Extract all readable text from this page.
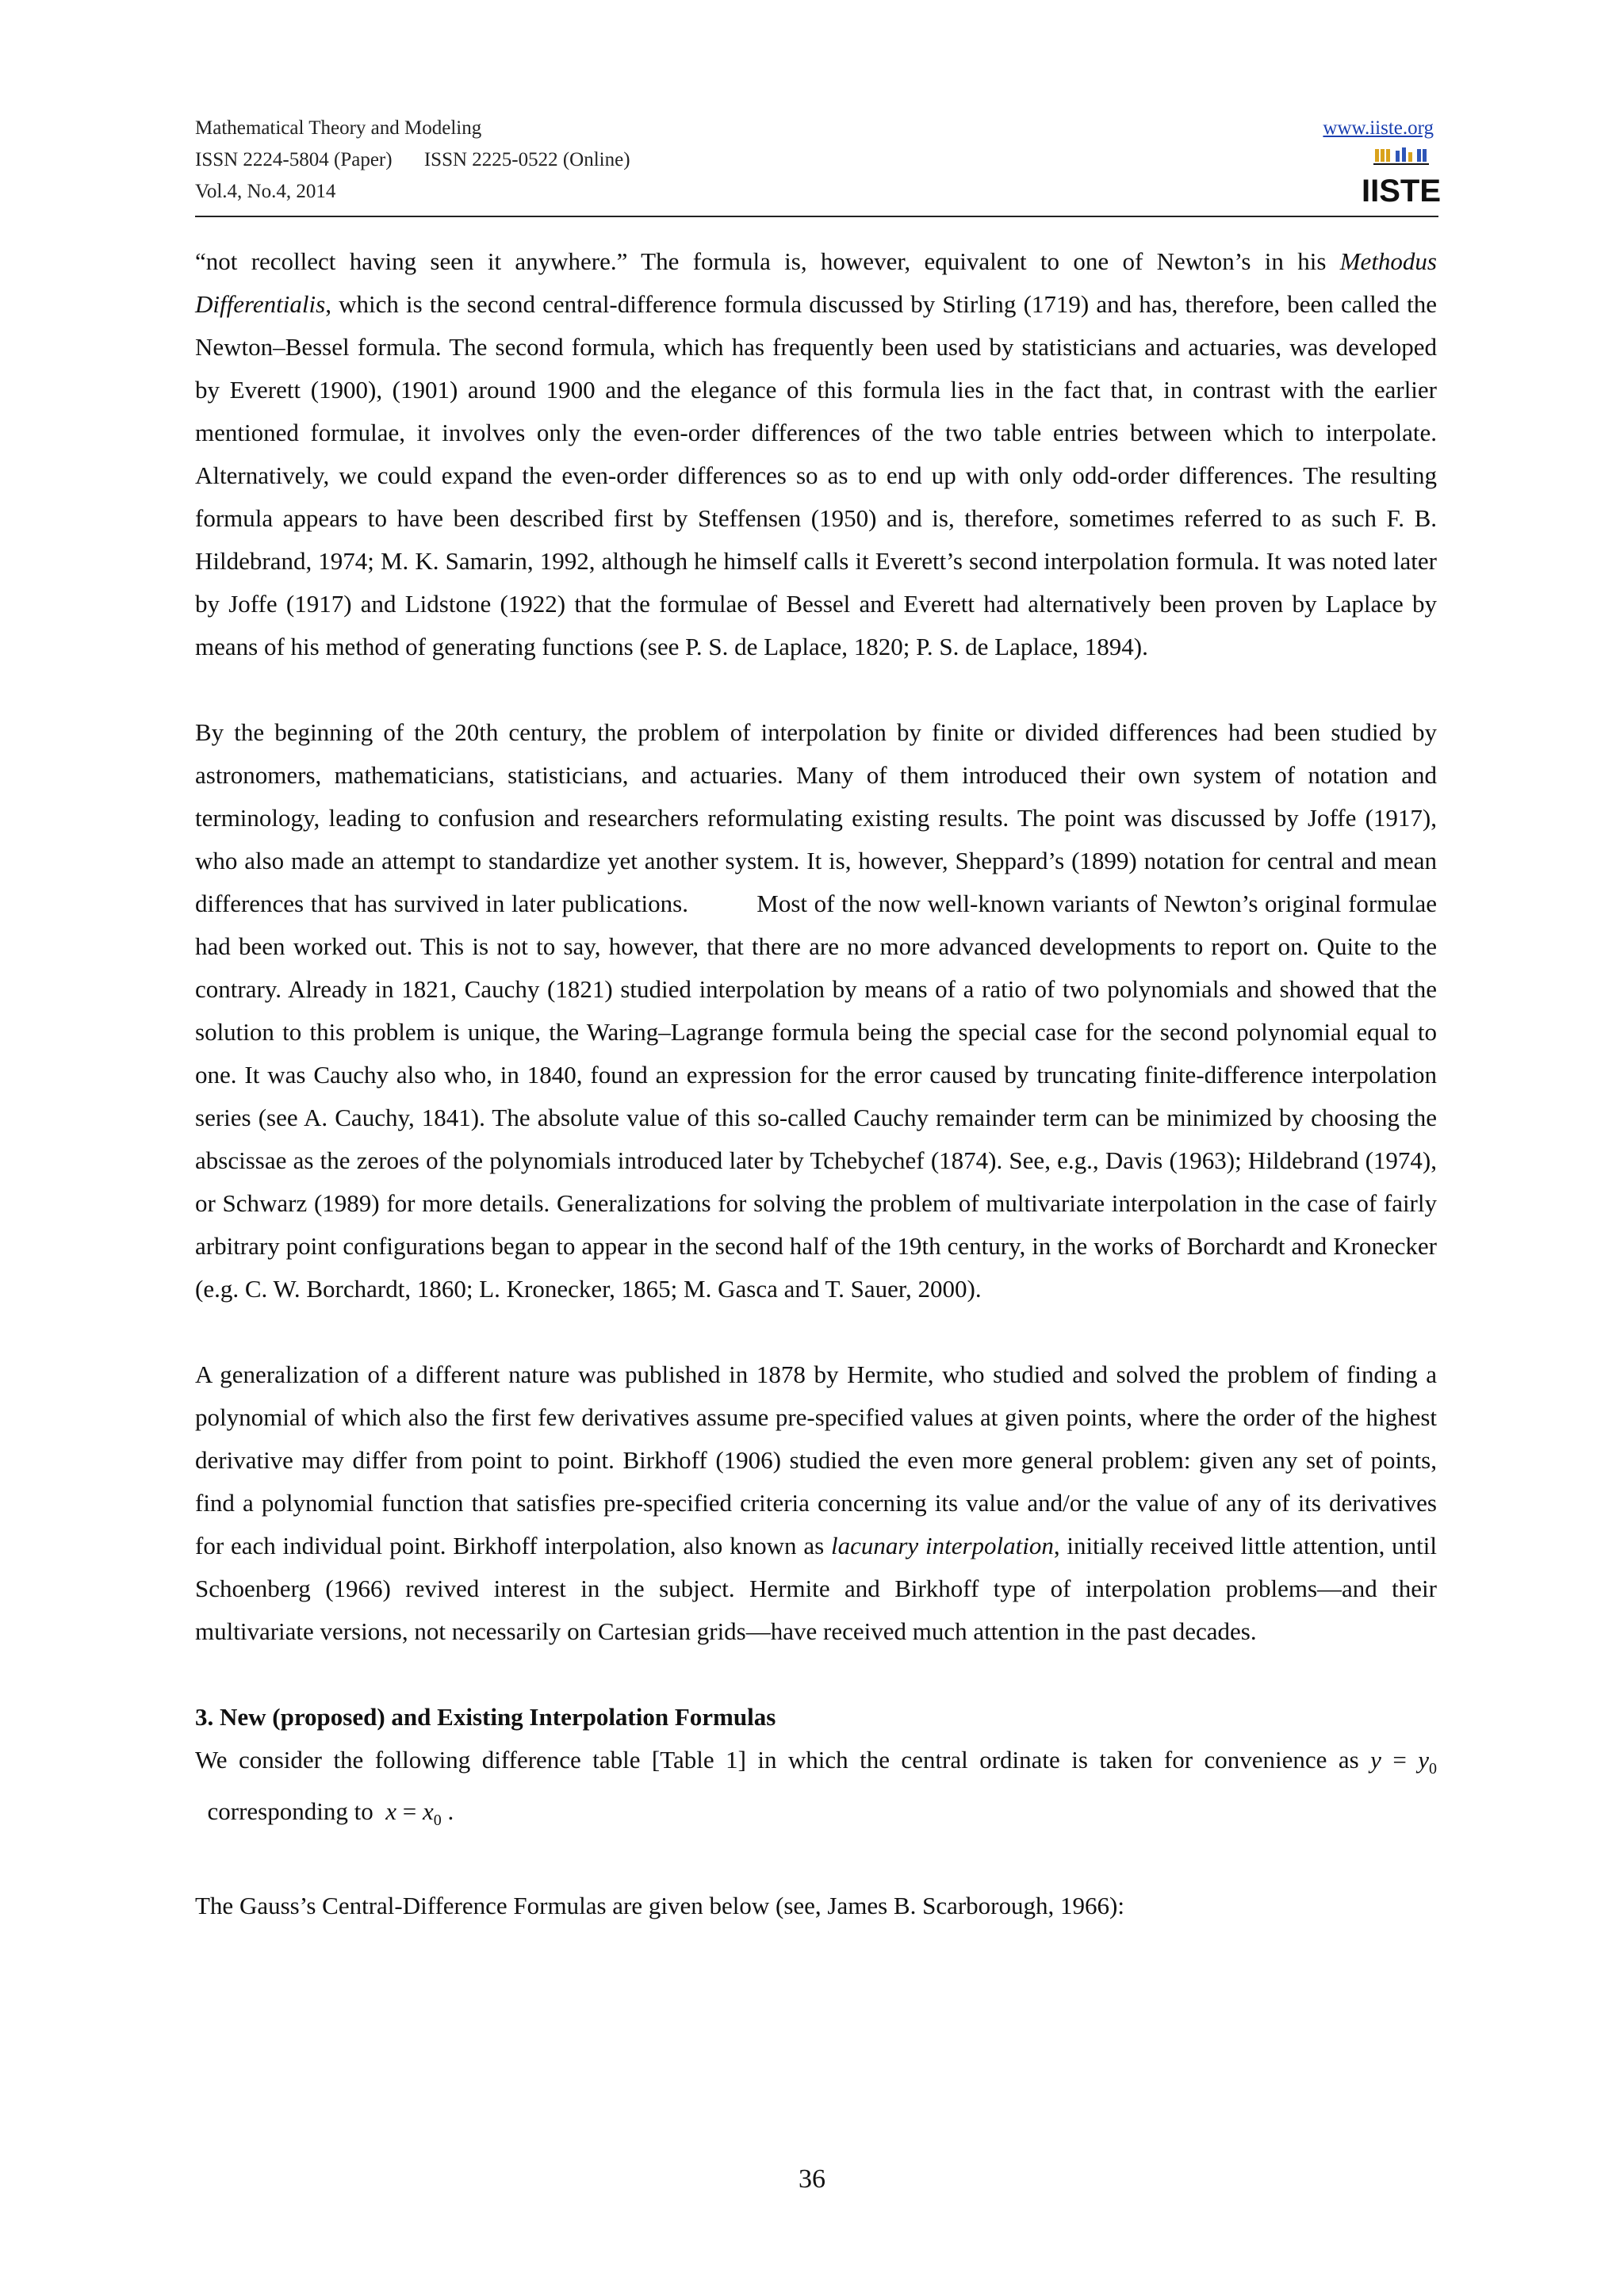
Mathematical Theory and Modeling
ISSN 2224-5804 (Paper) ISSN 2225-0522 (Online)
Vol.4, No.4, 2014
www.iiste.org
IISTE

“not recollect having seen it anywhere.” The formula is, however, equivalent to one of Newton’s in his Methodus Differentialis, which is the second central-difference formula discussed by Stirling (1719) and has, therefore, been called the Newton–Bessel formula. The second formula, which has frequently been used by statisticians and actuaries, was developed by Everett (1900), (1901) around 1900 and the elegance of this formula lies in the fact that, in contrast with the earlier mentioned formulae, it involves only the even-order differences of the two table entries between which to interpolate. Alternatively, we could expand the even-order differences so as to end up with only odd-order differences. The resulting formula appears to have been described first by Steffensen (1950) and is, therefore, sometimes referred to as such F. B. Hildebrand, 1974; M. K. Samarin, 1992, although he himself calls it Everett’s second interpolation formula. It was noted later by Joffe (1917) and Lidstone (1922) that the formulae of Bessel and Everett had alternatively been proven by Laplace by means of his method of generating functions (see P. S. de Laplace, 1820; P. S. de Laplace, 1894).

By the beginning of the 20th century, the problem of interpolation by finite or divided differences had been studied by astronomers, mathematicians, statisticians, and actuaries. Many of them introduced their own system of notation and terminology, leading to confusion and researchers reformulating existing results. The point was discussed by Joffe (1917), who also made an attempt to standardize yet another system. It is, however, Sheppard’s (1899) notation for central and mean differences that has survived in later publications.          Most of the now well-known variants of Newton’s original formulae had been worked out. This is not to say, however, that there are no more advanced developments to report on. Quite to the contrary. Already in 1821, Cauchy (1821) studied interpolation by means of a ratio of two polynomials and showed that the solution to this problem is unique, the Waring–Lagrange formula being the special case for the second polynomial equal to one. It was Cauchy also who, in 1840, found an expression for the error caused by truncating finite-difference interpolation series (see A. Cauchy, 1841). The absolute value of this so-called Cauchy remainder term can be minimized by choosing the abscissae as the zeroes of the polynomials introduced later by Tchebychef (1874). See, e.g., Davis (1963); Hildebrand (1974), or Schwarz (1989) for more details. Generalizations for solving the problem of multivariate interpolation in the case of fairly arbitrary point configurations began to appear in the second half of the 19th century, in the works of Borchardt and Kronecker (e.g. C. W. Borchardt, 1860; L. Kronecker, 1865; M. Gasca and T. Sauer, 2000).

A generalization of a different nature was published in 1878 by Hermite, who studied and solved the problem of finding a polynomial of which also the first few derivatives assume pre-specified values at given points, where the order of the highest derivative may differ from point to point. Birkhoff (1906) studied the even more general problem: given any set of points, find a polynomial function that satisfies pre-specified criteria concerning its value and/or the value of any of its derivatives for each individual point. Birkhoff interpolation, also known as lacunary interpolation, initially received little attention, until Schoenberg (1966) revived interest in the subject. Hermite and Birkhoff type of interpolation problems—and their multivariate versions, not necessarily on Cartesian grids—have received much attention in the past decades.

3. New (proposed) and Existing Interpolation Formulas

We consider the following difference table [Table 1] in which the central ordinate is taken for convenience as $y = y_0$  corresponding to  $x = x_0$ .

The Gauss’s Central-Difference Formulas are given below (see, James B. Scarborough, 1966):

36
